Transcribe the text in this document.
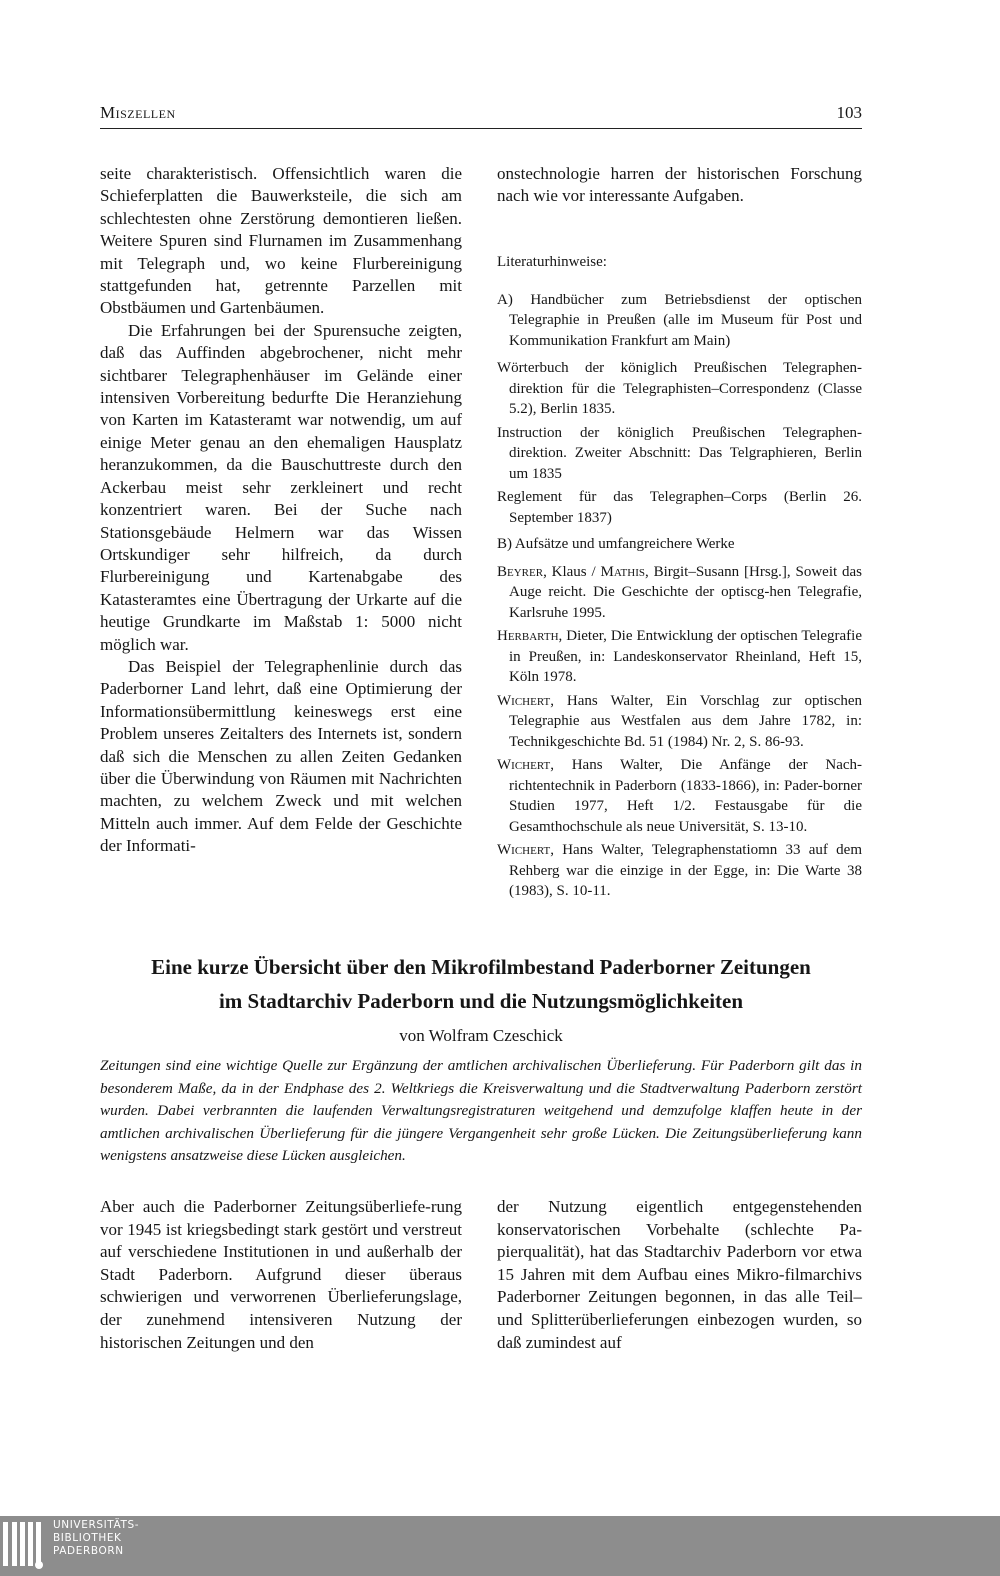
Miszellen	103

seite charakteristisch. Offensichtlich waren die Schieferplatten die Bauwerksteile, die sich am schlechtesten ohne Zerstörung demontieren ließen. Weitere Spuren sind Flurnamen im Zusammenhang mit Telegraph und, wo keine Flurbereinigung stattgefunden hat, getrennte Parzellen mit Obstbäumen und Gartenbäumen.

Die Erfahrungen bei der Spurensuche zeigten, daß das Auffinden abgebrochener, nicht mehr sichtbarer Telegraphenhäuser im Gelände einer intensiven Vorbereitung bedurfte Die Heranziehung von Karten im Katasteramt war notwendig, um auf einige Meter genau an den ehemaligen Hausplatz heranzukommen, da die Bauschuttreste durch den Ackerbau meist sehr zerkleinert und recht konzentriert waren. Bei der Suche nach Stationsgebäude Helmern war das Wissen Ortskundiger sehr hilfreich, da durch Flurbereinigung und Kartenabgabe des Katasteramtes eine Übertragung der Urkarte auf die heutige Grundkarte im Maßstab 1: 5000 nicht möglich war.

Das Beispiel der Telegraphenlinie durch das Paderborner Land lehrt, daß eine Optimierung der Informationsübermittlung keineswegs erst eine Problem unseres Zeitalters des Internets ist, sondern daß sich die Menschen zu allen Zeiten Gedanken über die Überwindung von Räumen mit Nachrichten machten, zu welchem Zweck und mit welchen Mitteln auch immer. Auf dem Felde der Geschichte der Informati-

onstechnologie harren der historischen Forschung nach wie vor interessante Aufgaben.

Literaturhinweise:
A) Handbücher zum Betriebsdienst der optischen Telegraphie in Preußen (alle im Museum für Post und Kommunikation Frankfurt am Main)
Wörterbuch der königlich Preußischen Telegraphen-direktion für die Telegraphisten–Correspondenz (Classe 5.2), Berlin 1835.
Instruction der königlich Preußischen Telegraphen-direktion. Zweiter Abschnitt: Das Telgraphieren, Berlin um 1835
Reglement für das Telegraphen–Corps (Berlin 26. September 1837)
B) Aufsätze und umfangreichere Werke
Beyrer, Klaus / Mathis, Birgit–Susann [Hrsg.], Soweit das Auge reicht. Die Geschichte der optiscg-hen Telegrafie, Karlsruhe 1995.
Herbarth, Dieter, Die Entwicklung der optischen Telegrafie in Preußen, in: Landeskonservator Rheinland, Heft 15, Köln 1978.
Wichert, Hans Walter, Ein Vorschlag zur optischen Telegraphie aus Westfalen aus dem Jahre 1782, in: Technikgeschichte Bd. 51 (1984) Nr. 2, S. 86-93.
Wichert, Hans Walter, Die Anfänge der Nach-richtentechnik in Paderborn (1833-1866), in: Pader-borner Studien 1977, Heft 1/2. Festausgabe für die Gesamthochschule als neue Universität, S. 13-10.
Wichert, Hans Walter, Telegraphenstatiomn 33 auf dem Rehberg war die einzige in der Egge, in: Die Warte 38 (1983), S. 10-11.
Eine kurze Übersicht über den Mikrofilmbestand Paderborner Zeitungen
im Stadtarchiv Paderborn und die Nutzungsmöglichkeiten
von Wolfram Czeschick

Zeitungen sind eine wichtige Quelle zur Ergänzung der amtlichen archivalischen Überlieferung. Für Paderborn gilt das in besonderem Maße, da in der Endphase des 2. Weltkriegs die Kreisverwaltung und die Stadtverwaltung Paderborn zerstört wurden. Dabei verbrannten die laufenden Verwaltungsregistraturen weitgehend und demzufolge klaffen heute in der amtlichen archivalischen Überlieferung für die jüngere Vergangenheit sehr große Lücken. Die Zeitungsüberlieferung kann wenigstens ansatzweise diese Lücken ausgleichen.

Aber auch die Paderborner Zeitungsüberliefe-rung vor 1945 ist kriegsbedingt stark gestört und verstreut auf verschiedene Institutionen in und außerhalb der Stadt Paderborn. Aufgrund dieser überaus schwierigen und verworrenen Überlieferungslage, der zunehmend intensiveren Nutzung der historischen Zeitungen und den

der Nutzung eigentlich entgegenstehenden konservatorischen Vorbehalte (schlechte Pa-pierqualität), hat das Stadtarchiv Paderborn vor etwa 15 Jahren mit dem Aufbau eines Mikro-filmarchivs Paderborner Zeitungen begonnen, in das alle Teil– und Splitterüberlieferungen einbezogen wurden, so daß zumindest auf

UNIVERSITÄTS-
BIBLIOTHEK
PADERBORN
